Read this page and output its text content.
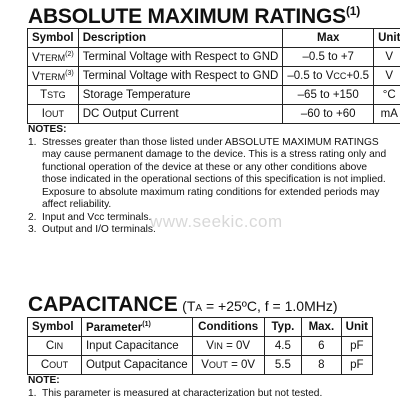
ABSOLUTE MAXIMUM RATINGS$^{(1)}$
Symbol	Description	Max	Unit
VTERM$^{(2)}$	Terminal Voltage with Respect to GND	–0.5 to +7	V
VTERM$^{(3)}$	Terminal Voltage with Respect to GND	–0.5 to VCC+0.5	V
TSTG	Storage Temperature	–65 to +150	°C
IOUT	DC Output Current	–60 to +60	mA
NOTES:
1. Stresses greater than those listed under ABSOLUTE MAXIMUM RATINGS may cause permanent damage to the device. This is a stress rating only and functional operation of the device at these or any other conditions above those indicated in the operational sections of this specification is not implied. Exposure to absolute maximum rating conditions for extended periods may affect reliability.
2. Input and Vcc terminals.
3. Output and I/O terminals.
www.seekic.com
CAPACITANCE (TA = +25ºC, f = 1.0MHz)
Symbol	Parameter$^{(1)}$	Conditions	Typ.	Max.	Unit
CIN	Input Capacitance	VIN = 0V	4.5	6	pF
COUT	Output Capacitance	VOUT = 0V	5.5	8	pF
NOTE:
1. This parameter is measured at characterization but not tested.
